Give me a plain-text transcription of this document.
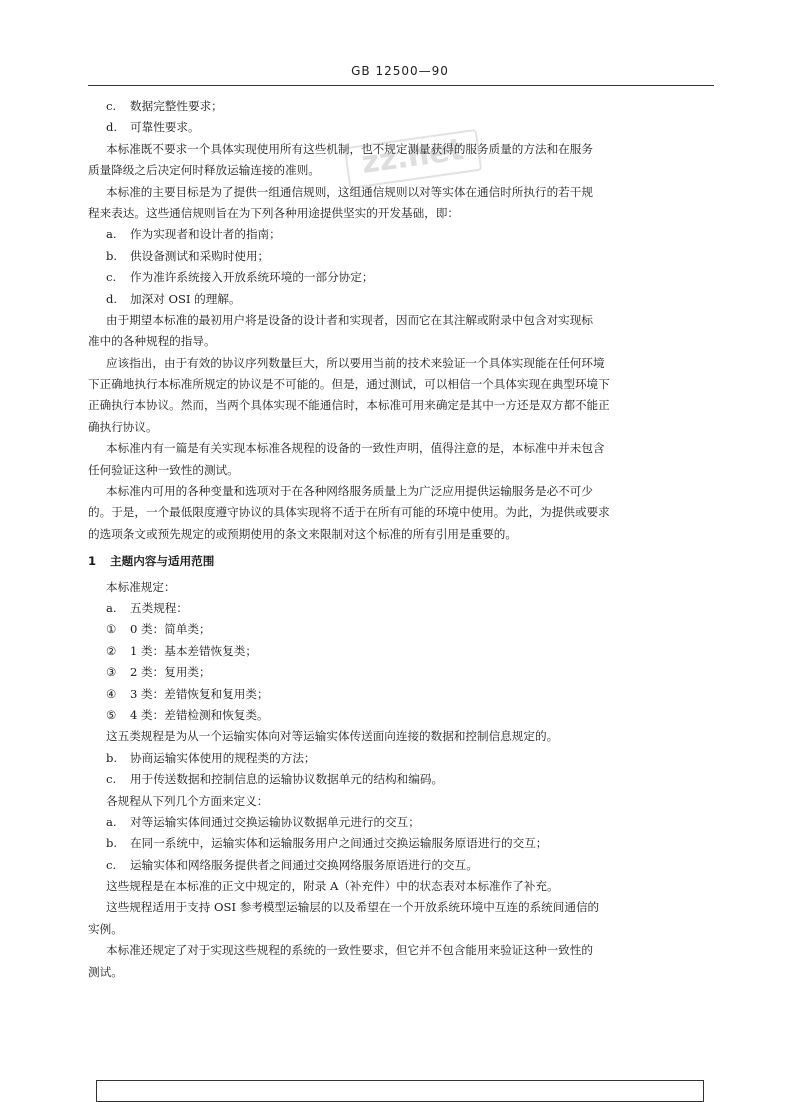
GB 12500—90
zz.net
c. 数据完整性要求；
d. 可靠性要求。
本标准既不要求一个具体实现使用所有这些机制，也不规定测量获得的服务质量的方法和在服务
质量降级之后决定何时释放运输连接的准则。
本标准的主要目标是为了提供一组通信规则，这组通信规则以对等实体在通信时所执行的若干规
程来表达。这些通信规则旨在为下列各种用途提供坚实的开发基础，即：
a. 作为实现者和设计者的指南；
b. 供设备测试和采购时使用；
c. 作为准许系统接入开放系统环境的一部分协定；
d. 加深对 OSI 的理解。
由于期望本标准的最初用户将是设备的设计者和实现者，因而它在其注解或附录中包含对实现标
准中的各种规程的指导。
应该指出，由于有效的协议序列数量巨大，所以要用当前的技术来验证一个具体实现能在任何环境
下正确地执行本标准所规定的协议是不可能的。但是，通过测试，可以相信一个具体实现在典型环境下
正确执行本协议。然而，当两个具体实现不能通信时，本标准可用来确定是其中一方还是双方都不能正
确执行协议。
本标准内有一篇是有关实现本标准各规程的设备的一致性声明，值得注意的是，本标准中并未包含
任何验证这种一致性的测试。
本标准内可用的各种变量和选项对于在各种网络服务质量上为广泛应用提供运输服务是必不可少
的。于是，一个最低限度遵守协议的具体实现将不适于在所有可能的环境中使用。为此，为提供或要求
的选项条文或预先规定的或预期使用的条文来限制对这个标准的所有引用是重要的。
1 主题内容与适用范围
本标准规定：
a. 五类规程：
① 0 类：简单类；
② 1 类：基本差错恢复类；
③ 2 类：复用类；
④ 3 类：差错恢复和复用类；
⑤ 4 类：差错检测和恢复类。
这五类规程是为从一个运输实体向对等运输实体传送面向连接的数据和控制信息规定的。
b. 协商运输实体使用的规程类的方法；
c. 用于传送数据和控制信息的运输协议数据单元的结构和编码。
各规程从下列几个方面来定义：
a. 对等运输实体间通过交换运输协议数据单元进行的交互；
b. 在同一系统中，运输实体和运输服务用户之间通过交换运输服务原语进行的交互；
c. 运输实体和网络服务提供者之间通过交换网络服务原语进行的交互。
这些规程是在本标准的正文中规定的，附录 A（补充件）中的状态表对本标准作了补充。
这些规程适用于支持 OSI 参考模型运输层的以及希望在一个开放系统环境中互连的系统间通信的
实例。
本标准还规定了对于实现这些规程的系统的一致性要求，但它并不包含能用来验证这种一致性的
测试。
